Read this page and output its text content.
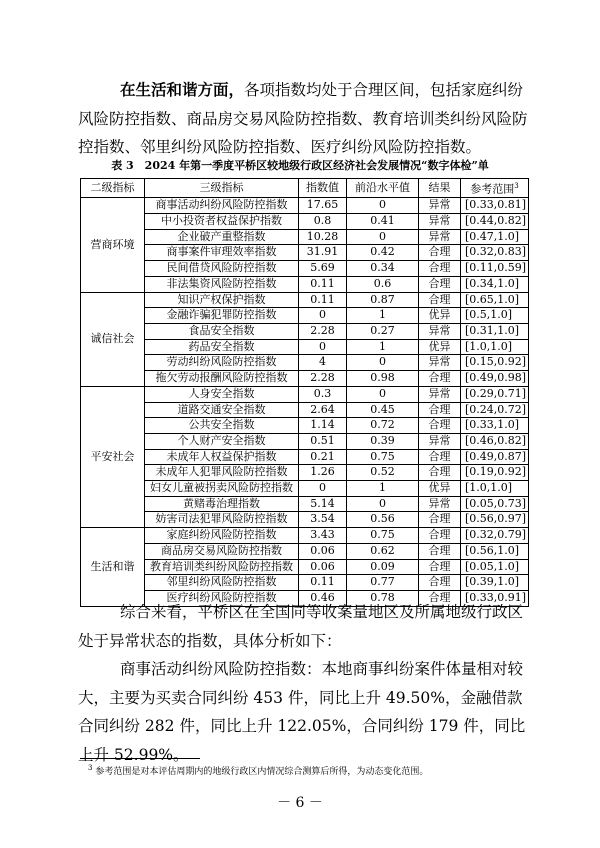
在生活和谐方面，各项指数均处于合理区间，包括家庭纠纷风险防控指数、商品房交易风险防控指数、教育培训类纠纷风险防控指数、邻里纠纷风险防控指数、医疗纠纷风险防控指数。

表 3　2024 年第一季度平桥区较地级行政区经济社会发展情况“数字体检”单
二级指标	三级指标	指数值	前沿水平值	结果	参考范围$^3$
营商环境	商事活动纠纷风险防控指数	17.65	0	异常	[0.33,0.81]
	中小投资者权益保护指数	0.8	0.41	异常	[0.44,0.82]
	企业破产重整指数	10.28	0	异常	[0.47,1.0]
	商事案件审理效率指数	31.91	0.42	合理	[0.32,0.83]
	民间借贷风险防控指数	5.69	0.34	合理	[0.11,0.59]
	非法集资风险防控指数	0.11	0.6	合理	[0.34,1.0]
诚信社会	知识产权保护指数	0.11	0.87	合理	[0.65,1.0]
	金融诈骗犯罪防控指数	0	1	优异	[0.5,1.0]
	食品安全指数	2.28	0.27	异常	[0.31,1.0]
	药品安全指数	0	1	优异	[1.0,1.0]
	劳动纠纷风险防控指数	4	0	异常	[0.15,0.92]
	拖欠劳动报酬风险防控指数	2.28	0.98	合理	[0.49,0.98]
平安社会	人身安全指数	0.3	0	异常	[0.29,0.71]
	道路交通安全指数	2.64	0.45	合理	[0.24,0.72]
	公共安全指数	1.14	0.72	合理	[0.33,1.0]
	个人财产安全指数	0.51	0.39	异常	[0.46,0.82]
	未成年人权益保护指数	0.21	0.75	合理	[0.49,0.87]
	未成年人犯罪风险防控指数	1.26	0.52	合理	[0.19,0.92]
	妇女儿童被拐卖风险防控指数	0	1	优异	[1.0,1.0]
	黄赌毒治理指数	5.14	0	异常	[0.05,0.73]
	妨害司法犯罪风险防控指数	3.54	0.56	合理	[0.56,0.97]
生活和谐	家庭纠纷风险防控指数	3.43	0.75	合理	[0.32,0.79]
	商品房交易风险防控指数	0.06	0.62	合理	[0.56,1.0]
	教育培训类纠纷风险防控指数	0.06	0.09	合理	[0.05,1.0]
	邻里纠纷风险防控指数	0.11	0.77	合理	[0.39,1.0]
	医疗纠纷风险防控指数	0.46	0.78	合理	[0.33,0.91]

综合来看，平桥区在全国同等收案量地区及所属地级行政区处于异常状态的指数，具体分析如下：

商事活动纠纷风险防控指数：本地商事纠纷案件体量相对较大，主要为买卖合同纠纷 453 件，同比上升 49.50%，金融借款合同纠纷 282 件，同比上升 122.05%，合同纠纷 179 件，同比上升 52.99%。

$^3$ 参考范围是对本评估周期内的地级行政区内情况综合测算后所得，为动态变化范围。
－ 6 －
